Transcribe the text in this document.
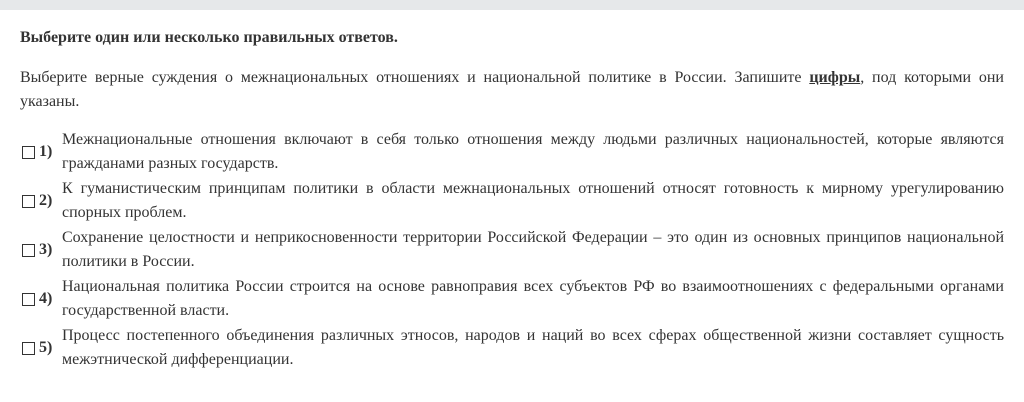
Выберите один или несколько правильных ответов.
Выберите верные суждения о межнациональных отношениях и национальной политике в России. Запишите цифры, под которыми они указаны.
1)
Межнациональные отношения включают в себя только отношения между людьми различных национальностей, которые являются гражданами разных государств.
2)
К гуманистическим принципам политики в области межнациональных отношений относят готовность к мирному урегулированию спорных проблем.
3)
Сохранение целостности и неприкосновенности территории Российской Федерации – это один из основных принципов национальной политики в России.
4)
Национальная политика России строится на основе равноправия всех субъектов РФ во взаимоотношениях с федеральными органами государственной власти.
5)
Процесс постепенного объединения различных этносов, народов и наций во всех сферах общественной жизни составляет сущность межэтнической дифференциации.
